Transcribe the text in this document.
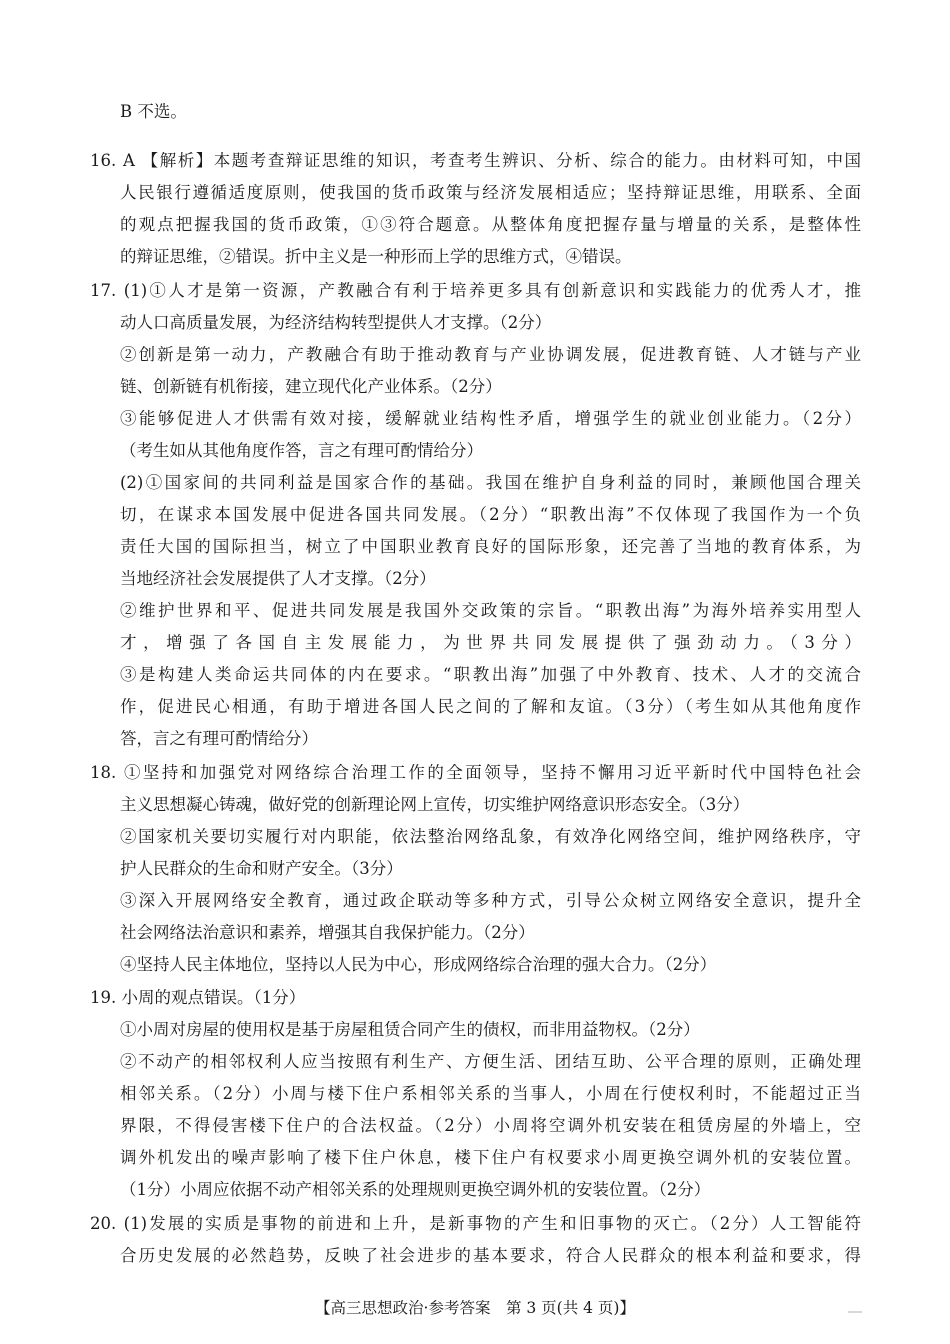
B 不选。
16. A 【解析】本题考查辩证思维的知识，考查考生辨识、分析、综合的能力。由材料可知，中国
人民银行遵循适度原则，使我国的货币政策与经济发展相适应；坚持辩证思维，用联系、全面
的观点把握我国的货币政策，①③符合题意。从整体角度把握存量与增量的关系，是整体性
的辩证思维，②错误。折中主义是一种形而上学的思维方式，④错误。
17. (1)①人才是第一资源，产教融合有利于培养更多具有创新意识和实践能力的优秀人才，推
动人口高质量发展，为经济结构转型提供人才支撑。（2分）
②创新是第一动力，产教融合有助于推动教育与产业协调发展，促进教育链、人才链与产业
链、创新链有机衔接，建立现代化产业体系。（2分）
③能够促进人才供需有效对接，缓解就业结构性矛盾，增强学生的就业创业能力。（2分）
（考生如从其他角度作答，言之有理可酌情给分）
(2)①国家间的共同利益是国家合作的基础。我国在维护自身利益的同时，兼顾他国合理关
切，在谋求本国发展中促进各国共同发展。（2分）“职教出海”不仅体现了我国作为一个负
责任大国的国际担当，树立了中国职业教育良好的国际形象，还完善了当地的教育体系，为
当地经济社会发展提供了人才支撑。（2分）
②维护世界和平、促进共同发展是我国外交政策的宗旨。“职教出海”为海外培养实用型人
才，增强了各国自主发展能力，为世界共同发展提供了强劲动力。（3分）
③是构建人类命运共同体的内在要求。“职教出海”加强了中外教育、技术、人才的交流合
作，促进民心相通，有助于增进各国人民之间的了解和友谊。（3分）（考生如从其他角度作
答，言之有理可酌情给分）
18. ①坚持和加强党对网络综合治理工作的全面领导，坚持不懈用习近平新时代中国特色社会
主义思想凝心铸魂，做好党的创新理论网上宣传，切实维护网络意识形态安全。（3分）
②国家机关要切实履行对内职能，依法整治网络乱象，有效净化网络空间，维护网络秩序，守
护人民群众的生命和财产安全。（3分）
③深入开展网络安全教育，通过政企联动等多种方式，引导公众树立网络安全意识，提升全
社会网络法治意识和素养，增强其自我保护能力。（2分）
④坚持人民主体地位，坚持以人民为中心，形成网络综合治理的强大合力。（2分）
19. 小周的观点错误。（1分）
①小周对房屋的使用权是基于房屋租赁合同产生的债权，而非用益物权。（2分）
②不动产的相邻权利人应当按照有利生产、方便生活、团结互助、公平合理的原则，正确处理
相邻关系。（2分）小周与楼下住户系相邻关系的当事人，小周在行使权利时，不能超过正当
界限，不得侵害楼下住户的合法权益。（2分）小周将空调外机安装在租赁房屋的外墙上，空
调外机发出的噪声影响了楼下住户休息，楼下住户有权要求小周更换空调外机的安装位置。
（1分）小周应依据不动产相邻关系的处理规则更换空调外机的安装位置。（2分）
20. (1)发展的实质是事物的前进和上升，是新事物的产生和旧事物的灭亡。（2分）人工智能符
合历史发展的必然趋势，反映了社会进步的基本要求，符合人民群众的根本利益和要求，得
【高三思想政治·参考答案　第 3 页(共 4 页)】
